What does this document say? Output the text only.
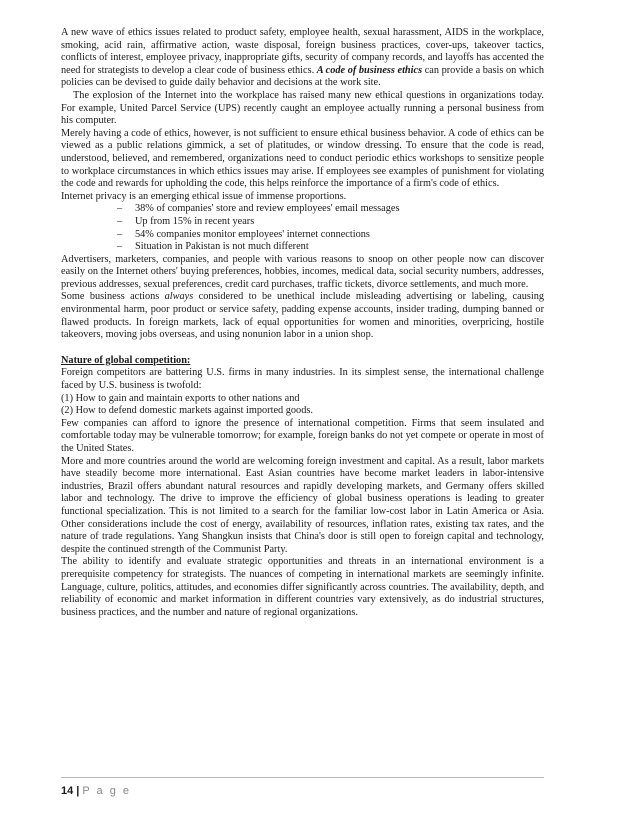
A new wave of ethics issues related to product safety, employee health, sexual harassment, AIDS in the workplace, smoking, acid rain, affirmative action, waste disposal, foreign business practices, cover-ups, takeover tactics, conflicts of interest, employee privacy, inappropriate gifts, security of company records, and layoffs has accented the need for strategists to develop a clear code of business ethics. A code of business ethics can provide a basis on which policies can be devised to guide daily behavior and decisions at the work site.

The explosion of the Internet into the workplace has raised many new ethical questions in organizations today. For example, United Parcel Service (UPS) recently caught an employee actually running a personal business from his computer.

Merely having a code of ethics, however, is not sufficient to ensure ethical business behavior. A code of ethics can be viewed as a public relations gimmick, a set of platitudes, or window dressing. To ensure that the code is read, understood, believed, and remembered, organizations need to conduct periodic ethics workshops to sensitize people to workplace circumstances in which ethics issues may arise. If employees see examples of punishment for violating the code and rewards for upholding the code, this helps reinforce the importance of a firm's code of ethics.

Internet privacy is an emerging ethical issue of immense proportions.

– 38% of companies' store and review employees' email messages
– Up from 15% in recent years
– 54% companies monitor employees' internet connections
– Situation in Pakistan is not much different

Advertisers, marketers, companies, and people with various reasons to snoop on other people now can discover easily on the Internet others' buying preferences, hobbies, incomes, medical data, social security numbers, addresses, previous addresses, sexual preferences, credit card purchases, traffic tickets, divorce settlements, and much more.

Some business actions always considered to be unethical include misleading advertising or labeling, causing environmental harm, poor product or service safety, padding expense accounts, insider trading, dumping banned or flawed products. In foreign markets, lack of equal opportunities for women and minorities, overpricing, hostile takeovers, moving jobs overseas, and using nonunion labor in a union shop.

Nature of global competition:

Foreign competitors are battering U.S. firms in many industries. In its simplest sense, the international challenge faced by U.S. business is twofold:

(1) How to gain and maintain exports to other nations and

(2) How to defend domestic markets against imported goods.

Few companies can afford to ignore the presence of international competition. Firms that seem insulated and comfortable today may be vulnerable tomorrow; for example, foreign banks do not yet compete or operate in most of the United States.

More and more countries around the world are welcoming foreign investment and capital. As a result, labor markets have steadily become more international. East Asian countries have become market leaders in labor-intensive industries, Brazil offers abundant natural resources and rapidly developing markets, and Germany offers skilled labor and technology. The drive to improve the efficiency of global business operations is leading to greater functional specialization. This is not limited to a search for the familiar low-cost labor in Latin America or Asia. Other considerations include the cost of energy, availability of resources, inflation rates, existing tax rates, and the nature of trade regulations. Yang Shangkun insists that China's door is still open to foreign capital and technology, despite the continued strength of the Communist Party.

The ability to identify and evaluate strategic opportunities and threats in an international environment is a prerequisite competency for strategists. The nuances of competing in international markets are seemingly infinite. Language, culture, politics, attitudes, and economies differ significantly across countries. The availability, depth, and reliability of economic and market information in different countries vary extensively, as do industrial structures, business practices, and the number and nature of regional organizations.

14 | P a g e
